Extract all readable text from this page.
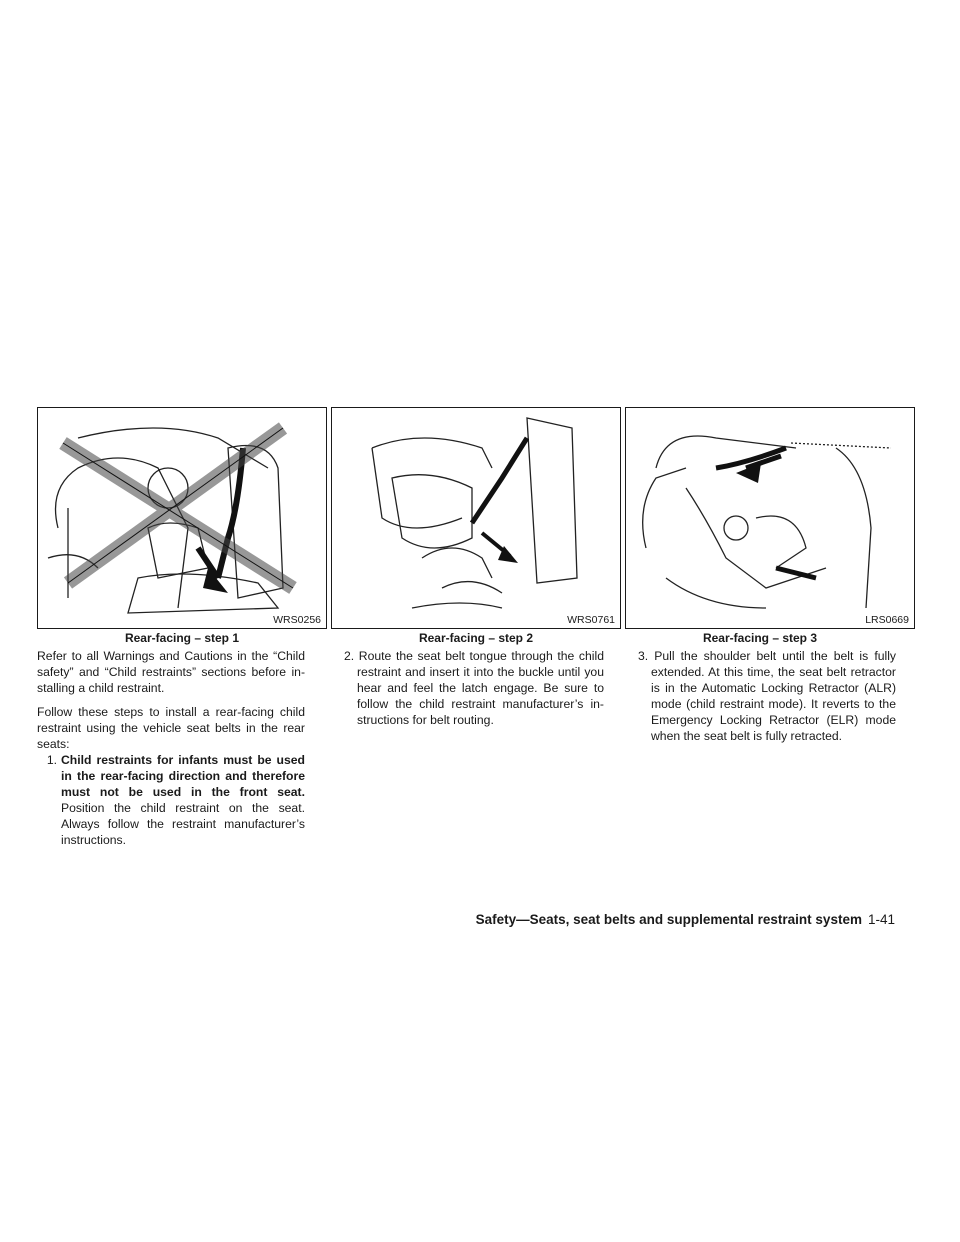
WRS0256
Rear-facing – step 1
WRS0761
Rear-facing – step 2
LRS0669
Rear-facing – step 3

Refer to all Warnings and Cautions in the “Child safety” and “Child restraints” sections before in-stalling a child restraint.

Follow these steps to install a rear-facing child restraint using the vehicle seat belts in the rear seats:

1. Child restraints for infants must be used in the rear-facing direction and therefore must not be used in the front seat. Position the child restraint on the seat. Always follow the restraint manufacturer’s instructions.

2. Route the seat belt tongue through the child restraint and insert it into the buckle until you hear and feel the latch engage. Be sure to follow the child restraint manufacturer’s in-structions for belt routing.

3. Pull the shoulder belt until the belt is fully extended. At this time, the seat belt retractor is in the Automatic Locking Retractor (ALR) mode (child restraint mode). It reverts to the Emergency Locking Retractor (ELR) mode when the seat belt is fully retracted.

Safety—Seats, seat belts and supplemental restraint system 1-41
